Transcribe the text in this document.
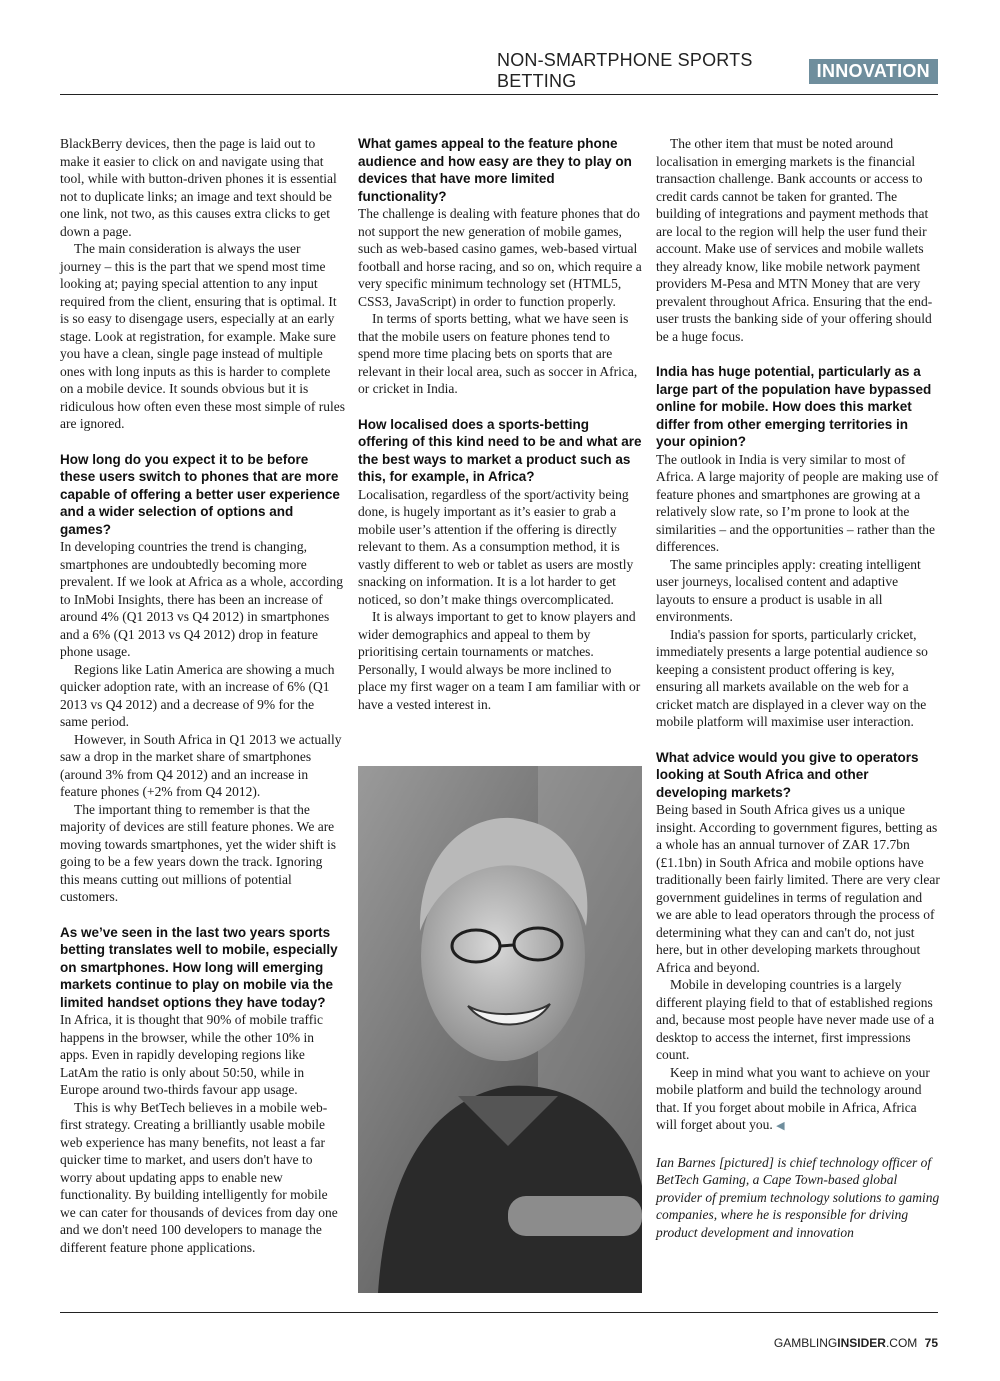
NON-SMARTPHONE SPORTS BETTING
INNOVATION

BlackBerry devices, then the page is laid out to make it easier to click on and navigate using that tool, while with button-driven phones it is essential not to duplicate links; an image and text should be one link, not two, as this causes extra clicks to get down a page.

The main consideration is always the user journey – this is the part that we spend most time looking at; paying special attention to any input required from the client, ensuring that is optimal. It is so easy to disengage users, especially at an early stage. Look at registration, for example. Make sure you have a clean, single page instead of multiple ones with long inputs as this is harder to complete on a mobile device. It sounds obvious but it is ridiculous how often even these most simple of rules are ignored.

How long do you expect it to be before these users switch to phones that are more capable of offering a better user experience and a wider selection of options and games?

In developing countries the trend is changing, smartphones are undoubtedly becoming more prevalent. If we look at Africa as a whole, according to InMobi Insights, there has been an increase of around 4% (Q1 2013 vs Q4 2012) in smartphones and a 6% (Q1 2013 vs Q4 2012) drop in feature phone usage.

Regions like Latin America are showing a much quicker adoption rate, with an increase of 6% (Q1 2013 vs Q4 2012) and a decrease of 9% for the same period.

However, in South Africa in Q1 2013 we actually saw a drop in the market share of smartphones (around 3% from Q4 2012) and an increase in feature phones (+2% from Q4 2012).

The important thing to remember is that the majority of devices are still feature phones. We are moving towards smartphones, yet the wider shift is going to be a few years down the track. Ignoring this means cutting out millions of potential customers.

As we’ve seen in the last two years sports betting translates well to mobile, especially on smartphones. How long will emerging markets continue to play on mobile via the limited handset options they have today?

In Africa, it is thought that 90% of mobile traffic happens in the browser, while the other 10% in apps. Even in rapidly developing regions like LatAm the ratio is only about 50:50, while in Europe around two-thirds favour app usage.

This is why BetTech believes in a mobile web-first strategy. Creating a brilliantly usable mobile web experience has many benefits, not least a far quicker time to market, and users don't have to worry about updating apps to enable new functionality. By building intelligently for mobile we can cater for thousands of devices from day one and we don't need 100 developers to manage the different feature phone applications.

What games appeal to the feature phone audience and how easy are they to play on devices that have more limited functionality?

The challenge is dealing with feature phones that do not support the new generation of mobile games, such as web-based casino games, web-based virtual football and horse racing, and so on, which require a very specific minimum technology set (HTML5, CSS3, JavaScript) in order to function properly.

In terms of sports betting, what we have seen is that the mobile users on feature phones tend to spend more time placing bets on sports that are relevant in their local area, such as soccer in Africa, or cricket in India.

How localised does a sports-betting offering of this kind need to be and what are the best ways to market a product such as this, for example, in Africa?

Localisation, regardless of the sport/activity being done, is hugely important as it’s easier to grab a mobile user’s attention if the offering is directly relevant to them. As a consumption method, it is vastly different to web or tablet as users are mostly snacking on information. It is a lot harder to get noticed, so don’t make things overcomplicated.

It is always important to get to know players and wider demographics and appeal to them by prioritising certain tournaments or matches. Personally, I would always be more inclined to place my first wager on a team I am familiar with or have a vested interest in.

The other item that must be noted around localisation in emerging markets is the financial transaction challenge. Bank accounts or access to credit cards cannot be taken for granted. The building of integrations and payment methods that are local to the region will help the user fund their account. Make use of services and mobile wallets they already know, like mobile network payment providers M-Pesa and MTN Money that are very prevalent throughout Africa. Ensuring that the end-user trusts the banking side of your offering should be a huge focus.

India has huge potential, particularly as a large part of the population have bypassed online for mobile. How does this market differ from other emerging territories in your opinion?

The outlook in India is very similar to most of Africa. A large majority of people are making use of feature phones and smartphones are growing at a relatively slow rate, so I’m prone to look at the similarities – and the opportunities – rather than the differences.

The same principles apply: creating intelligent user journeys, localised content and adaptive layouts to ensure a product is usable in all environments.

India's passion for sports, particularly cricket, immediately presents a large potential audience so keeping a consistent product offering is key, ensuring all markets available on the web for a cricket match are displayed in a clever way on the mobile platform will maximise user interaction.

What advice would you give to operators looking at South Africa and other developing markets?

Being based in South Africa gives us a unique insight. According to government figures, betting as a whole has an annual turnover of ZAR 17.7bn (£1.1bn) in South Africa and mobile options have traditionally been fairly limited. There are very clear government guidelines in terms of regulation and we are able to lead operators through the process of determining what they can and can't do, not just here, but in other developing markets throughout Africa and beyond.

Mobile in developing countries is a largely different playing field to that of established regions and, because most people have never made use of a desktop to access the internet, first impressions count.

Keep in mind what you want to achieve on your mobile platform and build the technology around that. If you forget about mobile in Africa, Africa will forget about you. ◀

Ian Barnes [pictured] is chief technology officer of BetTech Gaming, a Cape Town-based global provider of premium technology solutions to gaming companies, where he is responsible for driving product development and innovation

GAMBLINGINSIDER.COM 75
